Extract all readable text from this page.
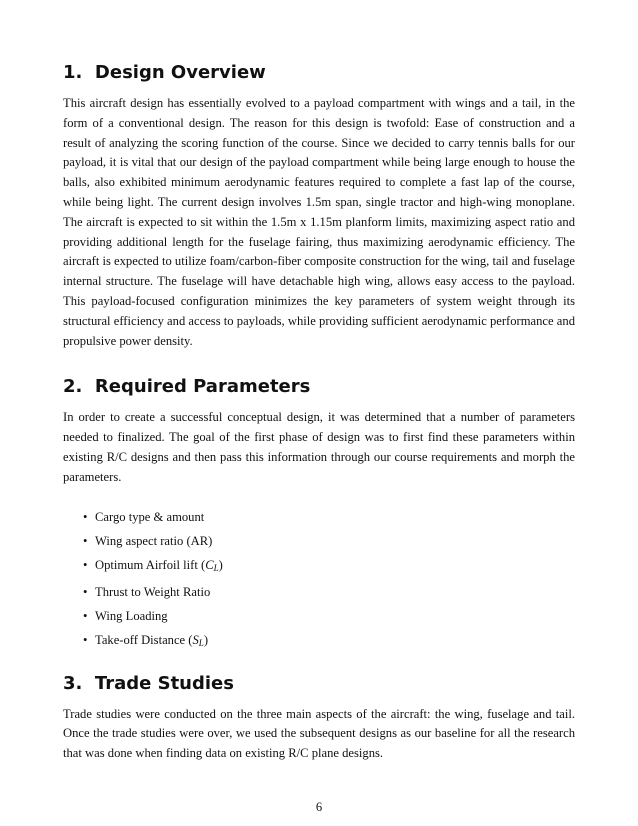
1. Design Overview

This aircraft design has essentially evolved to a payload compartment with wings and a tail, in the form of a conventional design. The reason for this design is twofold: Ease of construction and a result of analyzing the scoring function of the course. Since we decided to carry tennis balls for our payload, it is vital that our design of the payload compartment while being large enough to house the balls, also exhibited minimum aerodynamic features required to complete a fast lap of the course, while being light. The current design involves 1.5m span, single tractor and high-wing monoplane. The aircraft is expected to sit within the 1.5m x 1.15m planform limits, maximizing aspect ratio and providing additional length for the fuselage fairing, thus maximizing aerodynamic efficiency. The aircraft is expected to utilize foam/carbon-fiber composite construction for the wing, tail and fuselage internal structure. The fuselage will have detachable high wing, allows easy access to the payload. This payload-focused configuration minimizes the key parameters of system weight through its structural efficiency and access to payloads, while providing sufficient aerodynamic performance and propulsive power density.

2. Required Parameters

In order to create a successful conceptual design, it was determined that a number of parameters needed to finalized. The goal of the first phase of design was to first find these parameters within existing R/C designs and then pass this information through our course requirements and morph the parameters.

• Cargo type & amount
• Wing aspect ratio (AR)
• Optimum Airfoil lift $(C_L)$
• Thrust to Weight Ratio
• Wing Loading
• Take-off Distance $(S_L)$
3. Trade Studies

Trade studies were conducted on the three main aspects of the aircraft: the wing, fuselage and tail. Once the trade studies were over, we used the subsequent designs as our baseline for all the research that was done when finding data on existing R/C plane designs.

6
